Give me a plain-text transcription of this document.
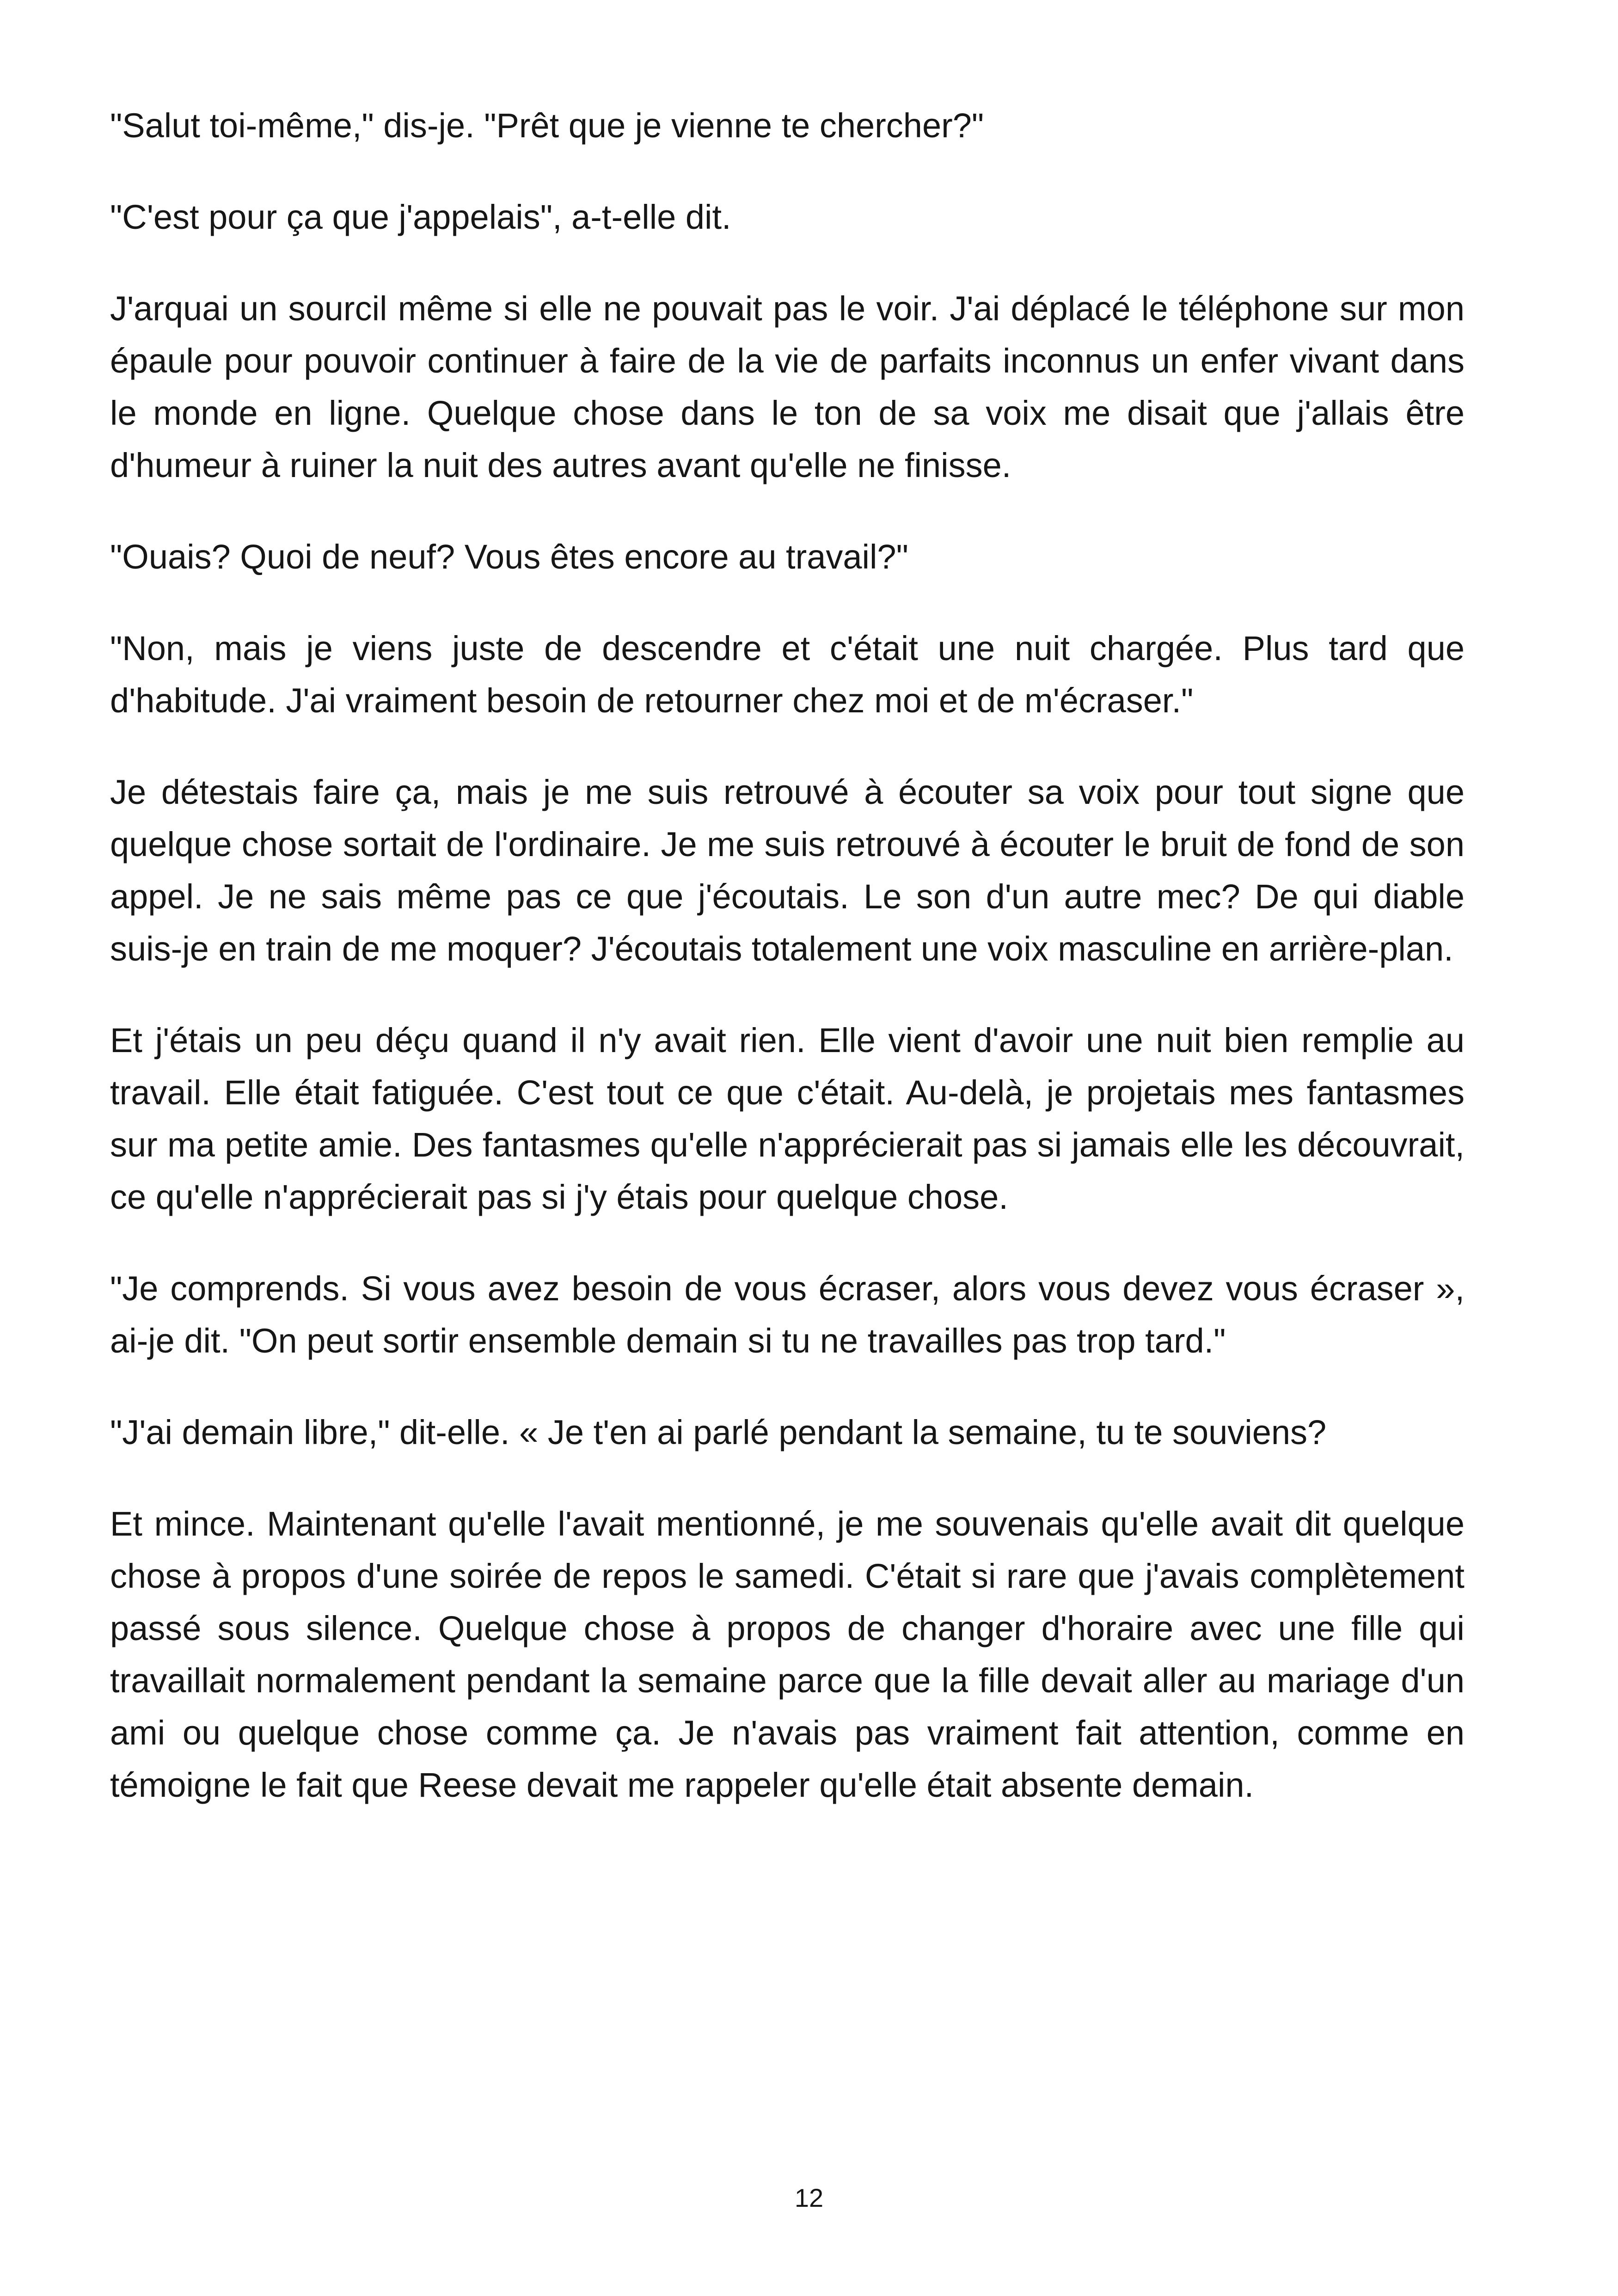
"Salut toi-même," dis-je. "Prêt que je vienne te chercher?"

"C'est pour ça que j'appelais", a-t-elle dit.

J'arquai un sourcil même si elle ne pouvait pas le voir. J'ai déplacé le téléphone sur mon épaule pour pouvoir continuer à faire de la vie de parfaits inconnus un enfer vivant dans le monde en ligne. Quelque chose dans le ton de sa voix me disait que j'allais être d'humeur à ruiner la nuit des autres avant qu'elle ne finisse.

"Ouais? Quoi de neuf? Vous êtes encore au travail?"

"Non, mais je viens juste de descendre et c'était une nuit chargée. Plus tard que d'habitude. J'ai vraiment besoin de retourner chez moi et de m'écraser."

Je détestais faire ça, mais je me suis retrouvé à écouter sa voix pour tout signe que quelque chose sortait de l'ordinaire. Je me suis retrouvé à écouter le bruit de fond de son appel. Je ne sais même pas ce que j'écoutais. Le son d'un autre mec? De qui diable suis-je en train de me moquer? J'écoutais totalement une voix masculine en arrière-plan.

Et j'étais un peu déçu quand il n'y avait rien. Elle vient d'avoir une nuit bien remplie au travail. Elle était fatiguée. C'est tout ce que c'était. Au-delà, je projetais mes fantasmes sur ma petite amie. Des fantasmes qu'elle n'apprécierait pas si jamais elle les découvrait, ce qu'elle n'apprécierait pas si j'y étais pour quelque chose.

"Je comprends. Si vous avez besoin de vous écraser, alors vous devez vous écraser », ai-je dit. "On peut sortir ensemble demain si tu ne travailles pas trop tard."

"J'ai demain libre," dit-elle. « Je t'en ai parlé pendant la semaine, tu te souviens?

Et mince. Maintenant qu'elle l'avait mentionné, je me souvenais qu'elle avait dit quelque chose à propos d'une soirée de repos le samedi. C'était si rare que j'avais complètement passé sous silence. Quelque chose à propos de changer d'horaire avec une fille qui travaillait normalement pendant la semaine parce que la fille devait aller au mariage d'un ami ou quelque chose comme ça. Je n'avais pas vraiment fait attention, comme en témoigne le fait que Reese devait me rappeler qu'elle était absente demain.

12
